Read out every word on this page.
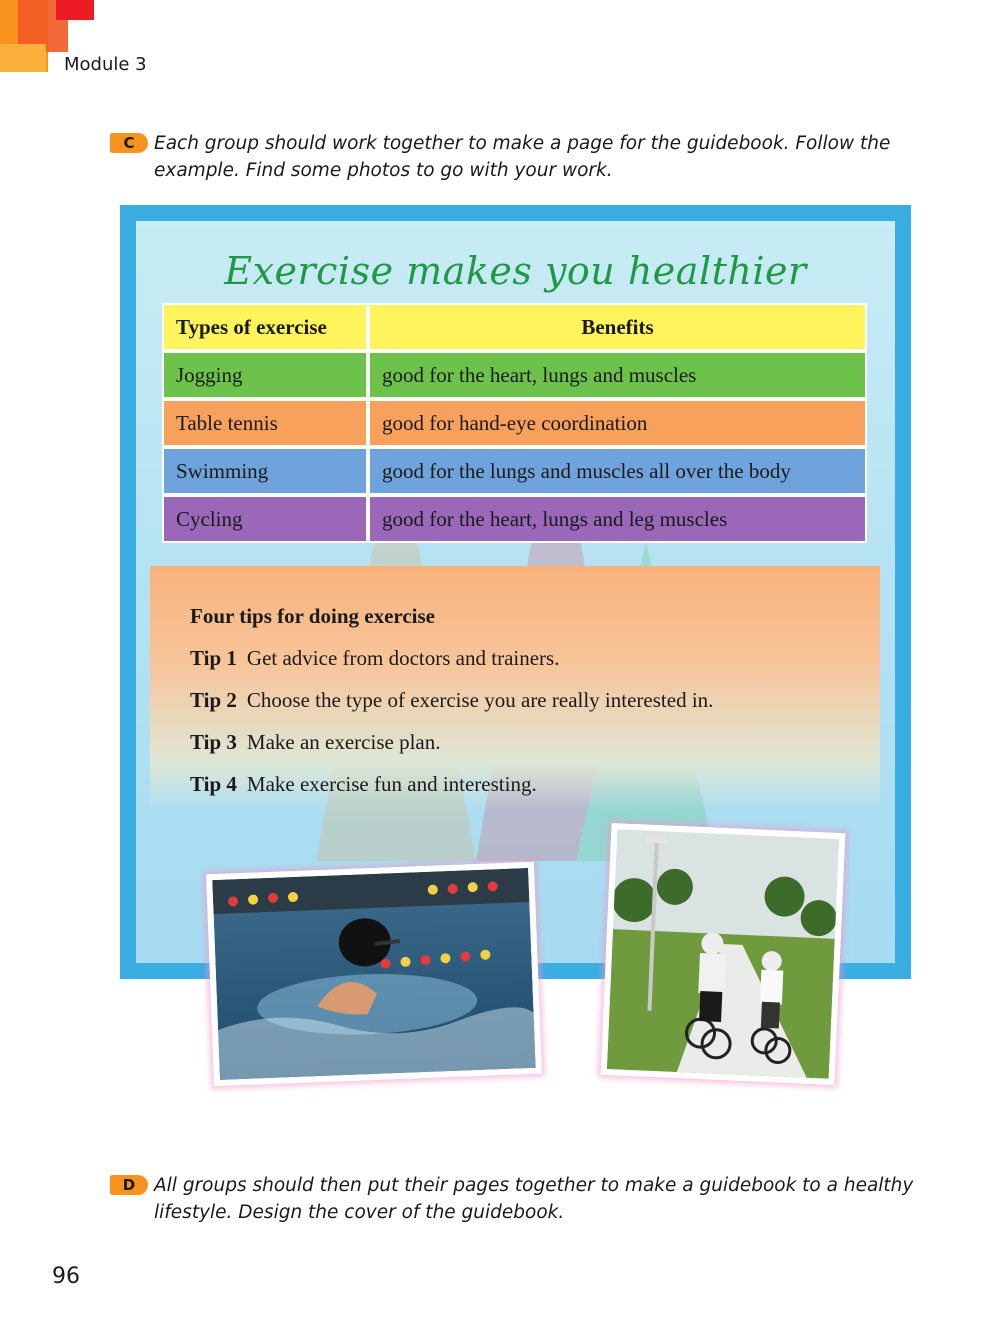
Module 3
C	Each group should work together to make a page for the guidebook. Follow the example. Find some photos to go with your work.

Exercise makes you healthier
Types of exercise	Benefits
Jogging	good for the heart, lungs and muscles
Table tennis	good for hand-eye coordination
Swimming	good for the lungs and muscles all over the body
Cycling	good for the heart, lungs and leg muscles
Four tips for doing exercise
Tip 1 Get advice from doctors and trainers.
Tip 2 Choose the type of exercise you are really interested in.
Tip 3 Make an exercise plan.
Tip 4 Make exercise fun and interesting.
D	All groups should then put their pages together to make a guidebook to a healthy lifestyle. Design the cover of the guidebook.

96
